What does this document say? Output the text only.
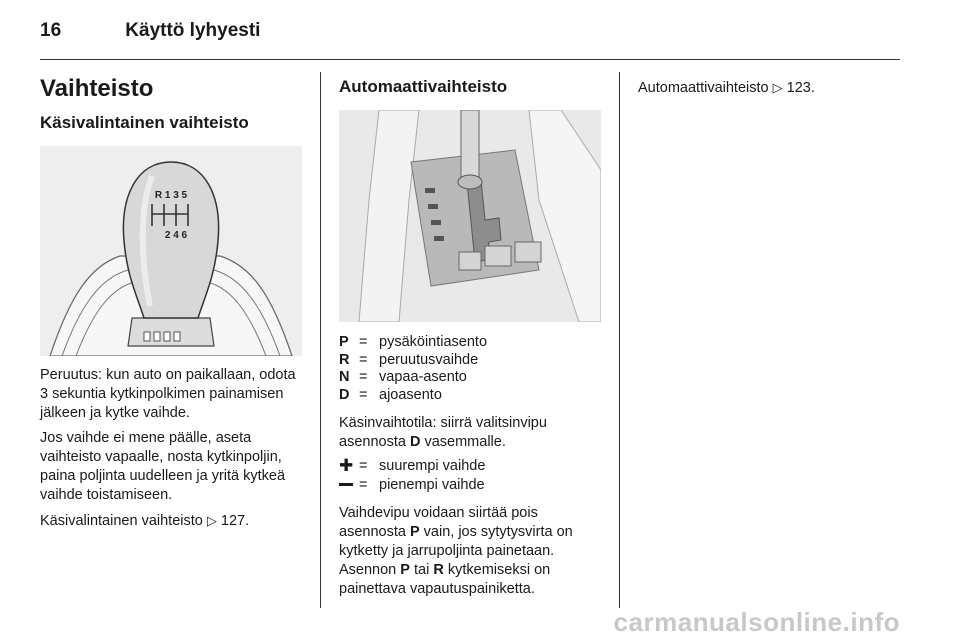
16	Käyttö lyhyesti
Vaihteisto
Käsivalintainen vaihteisto
R 1 3 5
2 4 6

Peruutus: kun auto on paikallaan, odota 3 sekuntia kytkinpolkimen painamisen jälkeen ja kytke vaihde.

Jos vaihde ei mene päälle, aseta vaihteisto vapaalle, nosta kytkinpoljin, paina poljinta uudelleen ja yritä kytkeä vaihde toistamiseen.

Käsivalintainen vaihteisto ▷ 127.

Automaattivaihteisto
P	=	pysäköintiasento
R	=	peruutusvaihde
N	=	vapaa-asento
D	=	ajoasento

Käsinvaihtotila: siirrä valitsinvipu asennosta D vasemmalle.

✚	=	suurempi vaihde
	=	pienempi vaihde

Vaihdevipu voidaan siirtää pois asennosta P vain, jos sytytysvirta on kytketty ja jarrupoljinta painetaan. Asennon P tai R kytkemiseksi on painettava vapautuspainiketta.

Automaattivaihteisto ▷ 123.

carmanualsonline.info
